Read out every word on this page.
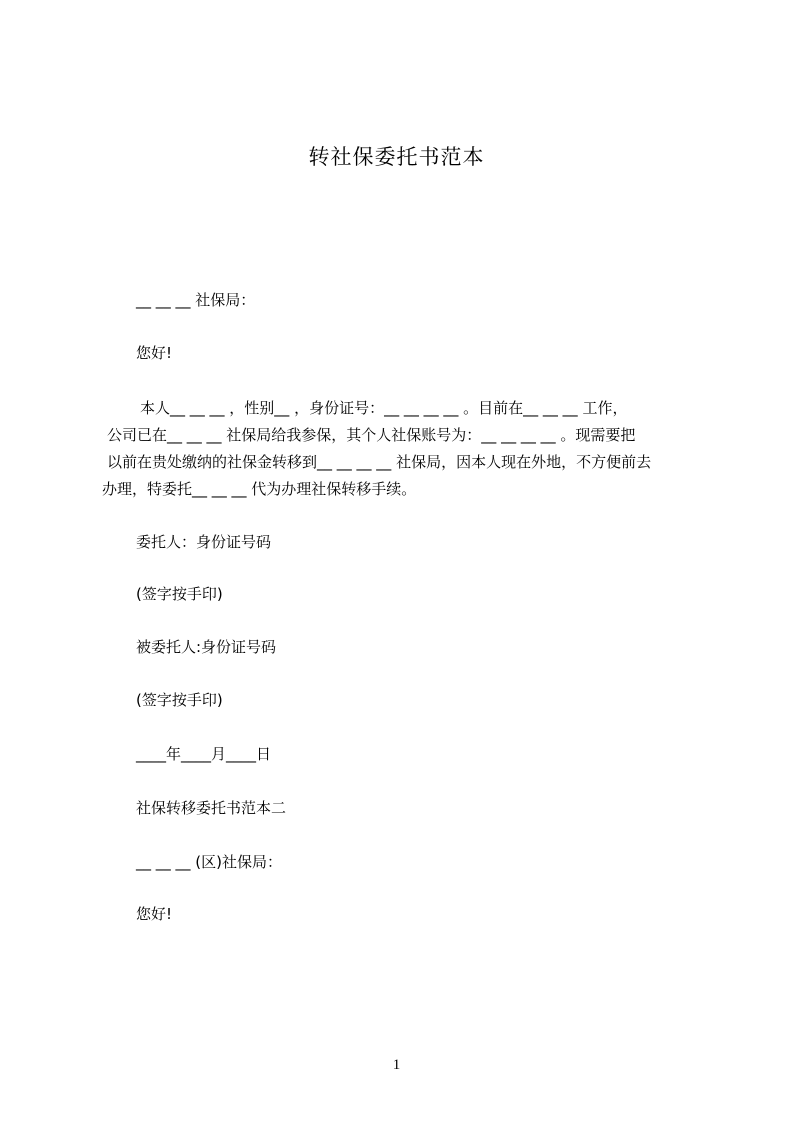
转社保委托书范本
__ __ __ 社保局：
您好!
本人__ __ __ ，性别__ ，身份证号：__ __ __ __ 。目前在__ __ __ 工作，
公司已在__ __ __ 社保局给我参保，其个人社保账号为：__ __ __ __ 。现需要把
以前在贵处缴纳的社保金转移到__ __ __ __ 社保局，因本人现在外地，不方便前去
办理，特委托__ __ __ 代为办理社保转移手续。
委托人：身份证号码
(签字按手印)
被委托人:身份证号码
(签字按手印)
____年____月____日
社保转移委托书范本二
__ __ __ (区)社保局：
您好!
1
